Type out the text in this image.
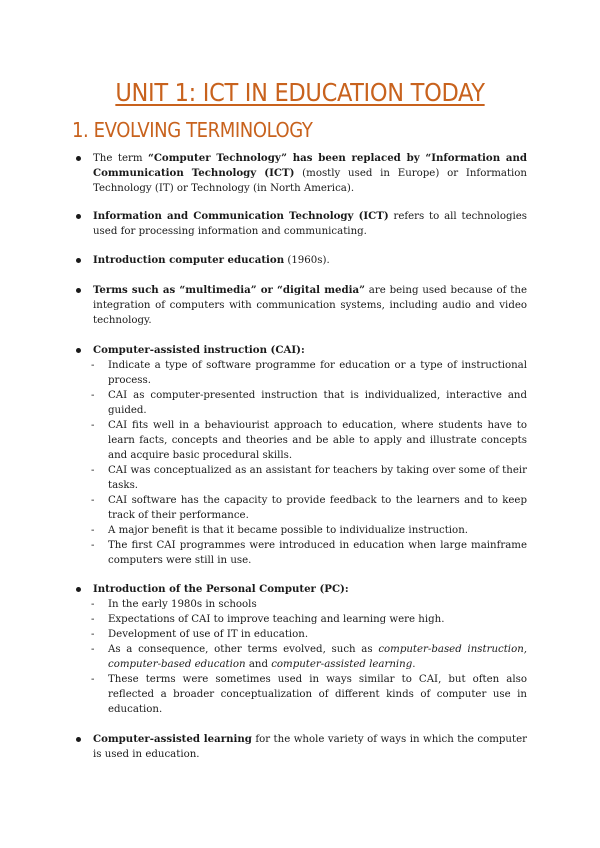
UNIT 1: ICT IN EDUCATION TODAY
1. EVOLVING TERMINOLOGY
The term “Computer Technology” has been replaced by “Information and Communication Technology (ICT) (mostly used in Europe) or Information Technology (IT) or Technology (in North America).
Information and Communication Technology (ICT) refers to all technologies used for processing information and communicating.
Introduction computer education (1960s).
Terms such as “multimedia” or “digital media” are being used because of the integration of computers with communication systems, including audio and video technology.
Computer-assisted instruction (CAI):
- Indicate a type of software programme for education or a type of instructional process.
- CAI as computer-presented instruction that is individualized, interactive and guided.
- CAI fits well in a behaviourist approach to education, where students have to learn facts, concepts and theories and be able to apply and illustrate concepts and acquire basic procedural skills.
- CAI was conceptualized as an assistant for teachers by taking over some of their tasks.
- CAI software has the capacity to provide feedback to the learners and to keep track of their performance.
- A major benefit is that it became possible to individualize instruction.
- The first CAI programmes were introduced in education when large mainframe computers were still in use.
Introduction of the Personal Computer (PC):
- In the early 1980s in schools
- Expectations of CAI to improve teaching and learning were high.
- Development of use of IT in education.
- As a consequence, other terms evolved, such as computer-based instruction, computer-based education and computer-assisted learning.
- These terms were sometimes used in ways similar to CAI, but often also reflected a broader conceptualization of different kinds of computer use in education.
Computer-assisted learning for the whole variety of ways in which the computer is used in education.
